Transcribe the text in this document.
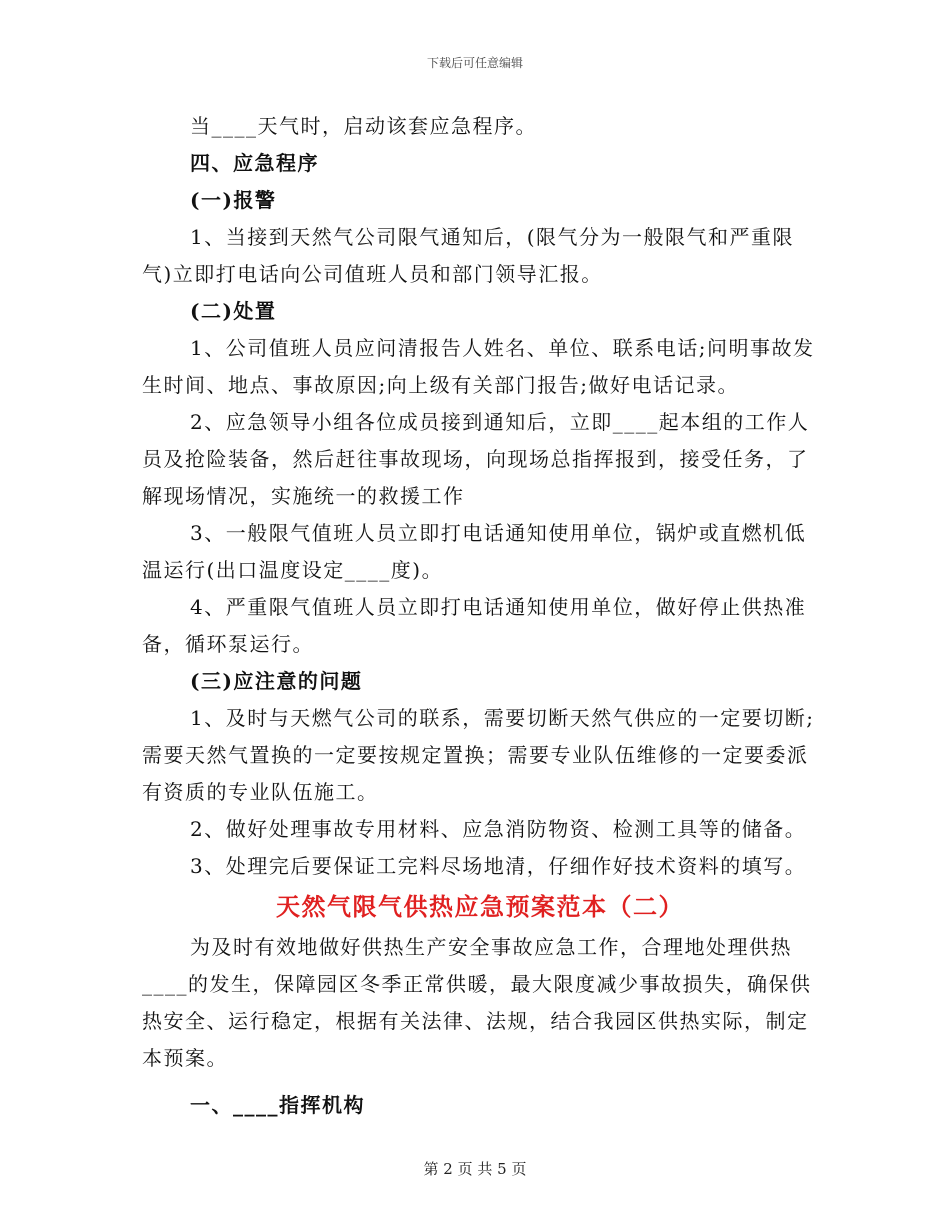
下载后可任意编辑

当____天气时，启动该套应急程序。

四、应急程序

(一)报警

1、当接到天然气公司限气通知后，(限气分为一般限气和严重限气)立即打电话向公司值班人员和部门领导汇报。

(二)处置

1、公司值班人员应问清报告人姓名、单位、联系电话;问明事故发生时间、地点、事故原因;向上级有关部门报告;做好电话记录。

2、应急领导小组各位成员接到通知后，立即____起本组的工作人员及抢险装备，然后赶往事故现场，向现场总指挥报到，接受任务，了解现场情况，实施统一的救援工作

3、一般限气值班人员立即打电话通知使用单位，锅炉或直燃机低温运行(出口温度设定____度)。

4、严重限气值班人员立即打电话通知使用单位，做好停止供热准备，循环泵运行。

(三)应注意的问题

1、及时与天燃气公司的联系，需要切断天然气供应的一定要切断;需要天然气置换的一定要按规定置换；需要专业队伍维修的一定要委派有资质的专业队伍施工。

2、做好处理事故专用材料、应急消防物资、检测工具等的储备。

3、处理完后要保证工完料尽场地清，仔细作好技术资料的填写。

天然气限气供热应急预案范本（二）

为及时有效地做好供热生产安全事故应急工作，合理地处理供热____的发生，保障园区冬季正常供暖，最大限度减少事故损失，确保供热安全、运行稳定，根据有关法律、法规，结合我园区供热实际，制定本预案。

一、____指挥机构

第 2 页 共 5 页
